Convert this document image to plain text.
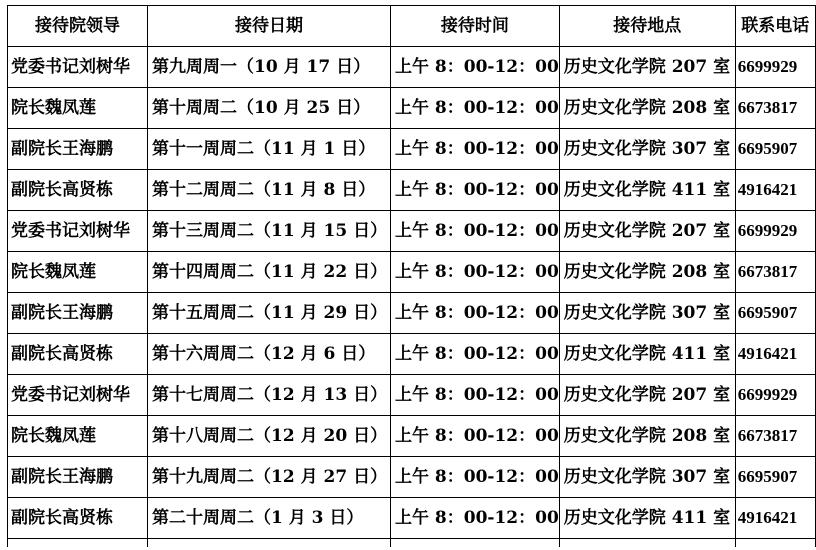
接待院领导	接待日期	接待时间	接待地点	联系电话
党委书记刘树华	第九周周一（10 月 17 日）	上午 8：00-12：00	历史文化学院 207 室	6699929
院长魏凤莲	第十周周二（10 月 25 日）	上午 8：00-12：00	历史文化学院 208 室	6673817
副院长王海鹏	第十一周周二（11 月 1 日）	上午 8：00-12：00	历史文化学院 307 室	6695907
副院长高贤栋	第十二周周二（11 月 8 日）	上午 8：00-12：00	历史文化学院 411 室	4916421
党委书记刘树华	第十三周周二（11 月 15 日）	上午 8：00-12：00	历史文化学院 207 室	6699929
院长魏凤莲	第十四周周二（11 月 22 日）	上午 8：00-12：00	历史文化学院 208 室	6673817
副院长王海鹏	第十五周周二（11 月 29 日）	上午 8：00-12：00	历史文化学院 307 室	6695907
副院长高贤栋	第十六周周二（12 月 6 日）	上午 8：00-12：00	历史文化学院 411 室	4916421
党委书记刘树华	第十七周周二（12 月 13 日）	上午 8：00-12：00	历史文化学院 207 室	6699929
院长魏凤莲	第十八周周二（12 月 20 日）	上午 8：00-12：00	历史文化学院 208 室	6673817
副院长王海鹏	第十九周周二（12 月 27 日）	上午 8：00-12：00	历史文化学院 307 室	6695907
副院长高贤栋	第二十周周二（1 月 3 日）	上午 8：00-12：00	历史文化学院 411 室	4916421
